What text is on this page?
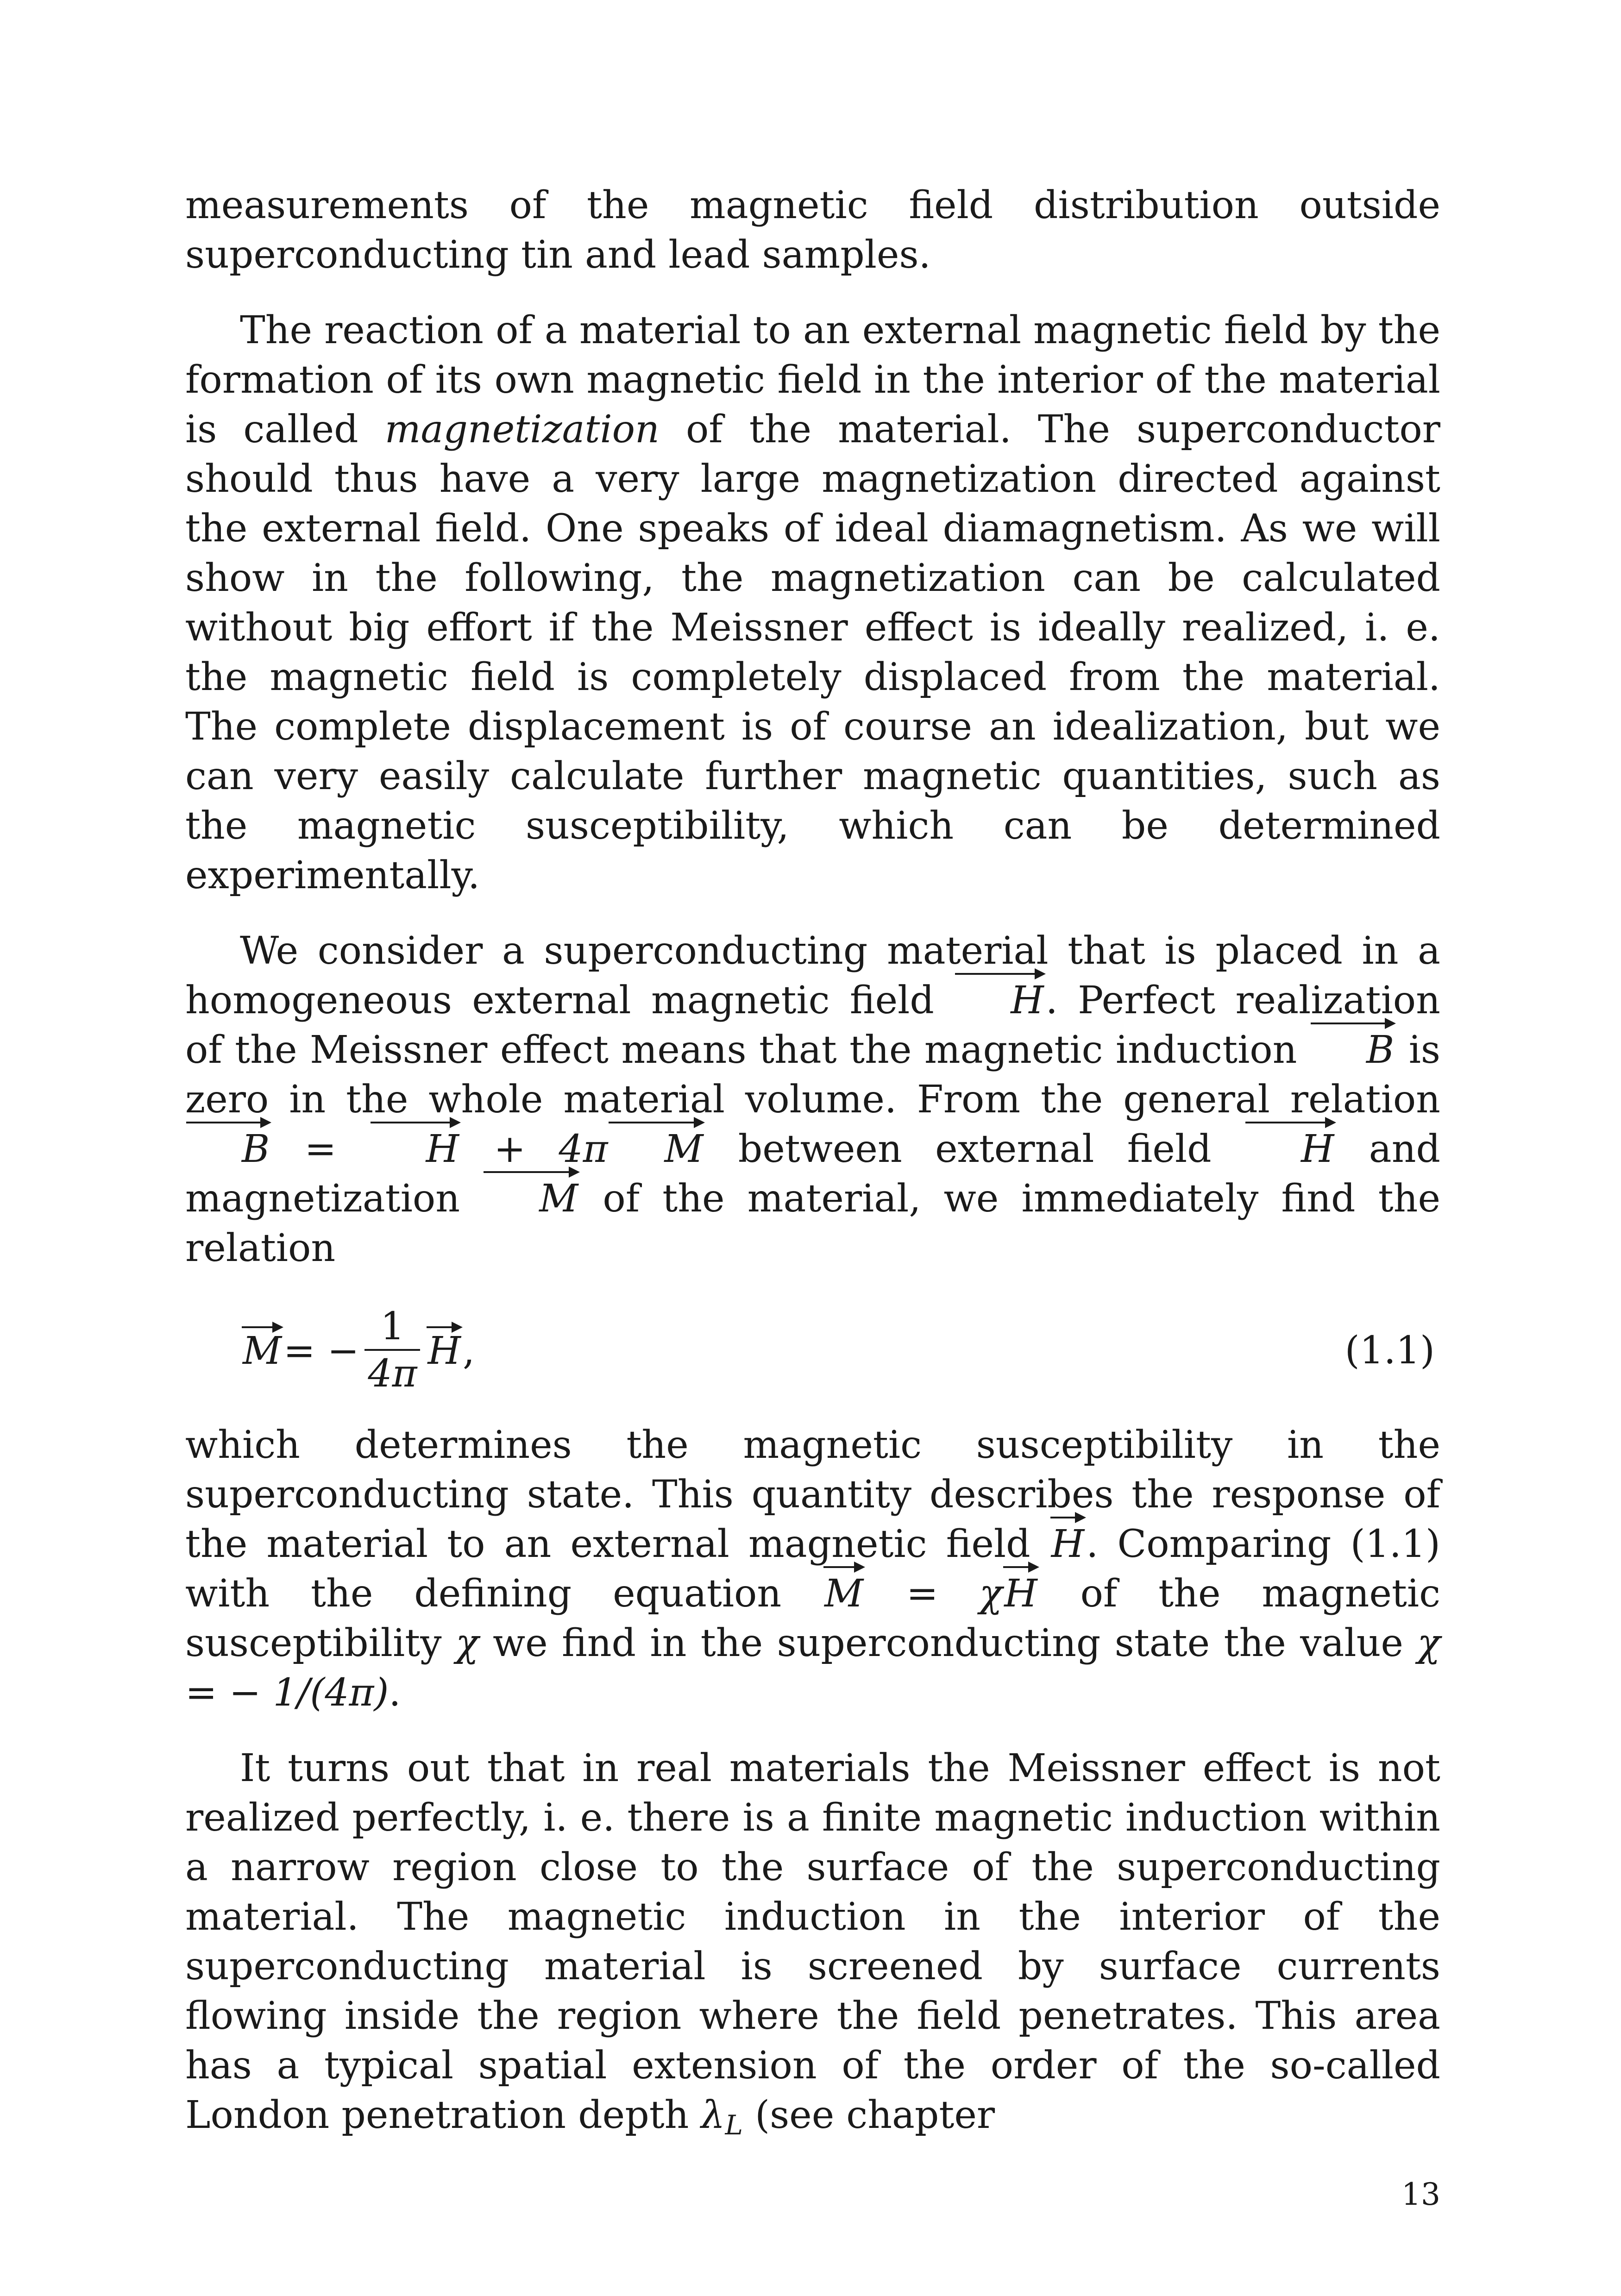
measurements of the magnetic field distribution outside superconducting tin and lead samples.

The reaction of a material to an external magnetic field by the formation of its own magnetic field in the interior of the material is called magnetization of the material. The superconductor should thus have a very large magnetization directed against the external field. One speaks of ideal diamagnetism. As we will show in the following, the magnetization can be calculated without big effort if the Meissner effect is ideally realized, i. e. the magnetic field is completely displaced from the material. The complete displacement is of course an idealization, but we can very easily calculate further magnetic quantities, such as the magnetic susceptibility, which can be determined experimentally.

We consider a superconducting material that is placed in a homogeneous external magnetic field H. Perfect realization of the Meissner effect means that the magnetic induction B is zero in the whole material volume. From the general relation B = H + 4π M between external field H and magnetization M of the material, we immediately find the relation

M = − $\frac{1}{4\pi}$ H ,	(1.1)

which determines the magnetic susceptibility in the superconducting state. This quantity describes the response of the material to an external magnetic field H. Comparing (1.1) with the defining equation M = χH of the magnetic susceptibility χ we find in the superconducting state the value χ = − 1/(4π).

It turns out that in real materials the Meissner effect is not realized perfectly, i. e. there is a finite magnetic induction within a narrow region close to the surface of the superconducting material. The magnetic induction in the interior of the superconducting material is screened by surface currents flowing inside the region where the field penetrates. This area has a typical spatial extension of the order of the so-called London penetration depth $\lambda_L$ (see chapter

13
